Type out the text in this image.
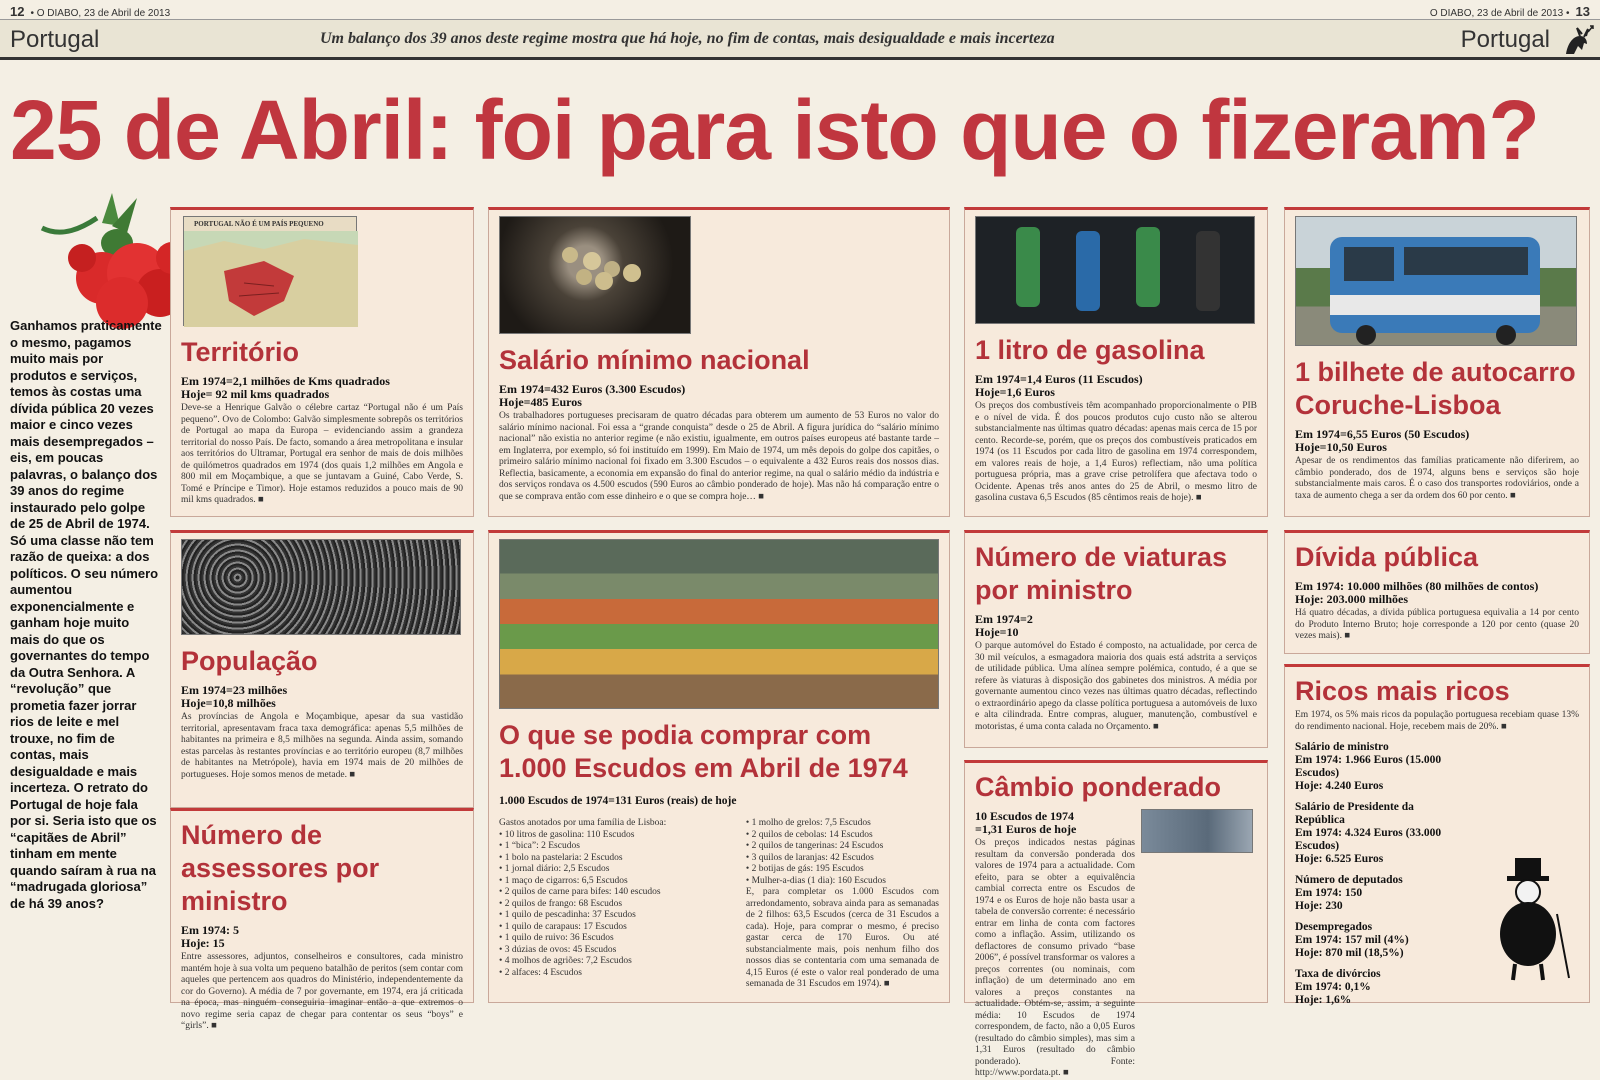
12 • O DIABO, 23 de Abril de 2013	O DIABO, 23 de Abril de 2013 • 13
Portugal	Um balanço dos 39 anos deste regime mostra que há hoje, no fim de contas, mais desigualdade e mais incerteza	Portugal
25 de Abril: foi para isto que o fizeram?
Ganhamos praticamente o mesmo, pagamos muito mais por produtos e serviços, temos às costas uma dívida pública 20 vezes maior e cinco vezes mais desempregados – eis, em poucas palavras, o balanço dos 39 anos do regime instaurado pelo golpe de 25 de Abril de 1974. Só uma classe não tem razão de queixa: a dos políticos. O seu número aumentou exponencialmente e ganham hoje muito mais do que os governantes do tempo da Outra Senhora. A “revolução” que prometia fazer jorrar rios de leite e mel trouxe, no fim de contas, mais desigualdade e mais incerteza. O retrato do Portugal de hoje fala por si. Seria isto que os “capitães de Abril” tinham em mente quando saíram à rua na “madrugada gloriosa” de há 39 anos?
PORTUGAL NÃO É UM PAÍS PEQUENO
Território
Em 1974=2,1 milhões de Kms quadrados
Hoje= 92 mil kms quadrados
Deve-se a Henrique Galvão o célebre cartaz “Portugal não é um País pequeno”. Ovo de Colombo: Galvão simplesmente sobrepôs os territórios de Portugal ao mapa da Europa – evidenciando assim a grandeza territorial do nosso País. De facto, somando a área metropolitana e insular aos territórios do Ultramar, Portugal era senhor de mais de dois milhões de quilómetros quadrados em 1974 (dos quais 1,2 milhões em Angola e 800 mil em Moçambique, a que se juntavam a Guiné, Cabo Verde, S. Tomé e Príncipe e Timor). Hoje estamos reduzidos a pouco mais de 90 mil kms quadrados. ■
População
Em 1974=23 milhões
Hoje=10,8 milhões
As províncias de Angola e Moçambique, apesar da sua vastidão territorial, apresentavam fraca taxa demográfica: apenas 5,5 milhões de habitantes na primeira e 8,5 milhões na segunda. Ainda assim, somando estas parcelas às restantes províncias e ao território europeu (8,7 milhões de habitantes na Metrópole), havia em 1974 mais de 20 milhões de portugueses. Hoje somos menos de metade. ■
Número de assessores por ministro
Em 1974: 5
Hoje: 15
Entre assessores, adjuntos, conselheiros e consultores, cada ministro mantém hoje à sua volta um pequeno batalhão de peritos (sem contar com aqueles que pertencem aos quadros do Ministério, independentemente da cor do Governo). A média de 7 por governante, em 1974, era já criticada na época, mas ninguém conseguiria imaginar então a que extremos o novo regime seria capaz de chegar para contentar os seus “boys” e “girls”. ■
Salário mínimo nacional
Em 1974=432 Euros (3.300 Escudos)
Hoje=485 Euros
Os trabalhadores portugueses precisaram de quatro décadas para obterem um aumento de 53 Euros no valor do salário mínimo nacional. Foi essa a “grande conquista” desde o 25 de Abril. A figura jurídica do “salário mínimo nacional” não existia no anterior regime (e não existiu, igualmente, em outros países europeus até bastante tarde – em Inglaterra, por exemplo, só foi instituído em 1999). Em Maio de 1974, um mês depois do golpe dos capitães, o primeiro salário mínimo nacional foi fixado em 3.300 Escudos – o equivalente a 432 Euros reais dos nossos dias. Reflectia, basicamente, a economia em expansão do final do anterior regime, na qual o salário médio da indústria e dos serviços rondava os 4.500 escudos (590 Euros ao câmbio ponderado de hoje). Mas não há comparação entre o que se comprava então com esse dinheiro e o que se compra hoje… ■
O que se podia comprar com 1.000 Escudos em Abril de 1974
1.000 Escudos de 1974=131 Euros (reais) de hoje
Gastos anotados por uma família de Lisboa:
• 10 litros de gasolina: 110 Escudos
• 1 “bica”: 2 Escudos
• 1 bolo na pastelaria: 2 Escudos
• 1 jornal diário: 2,5 Escudos
• 1 maço de cigarros: 6,5 Escudos
• 2 quilos de carne para bifes: 140 escudos
• 2 quilos de frango: 68 Escudos
• 1 quilo de pescadinha: 37 Escudos
• 1 quilo de carapaus: 17 Escudos
• 1 quilo de ruivo: 36 Escudos
• 3 dúzias de ovos: 45 Escudos
• 4 molhos de agriões: 7,2 Escudos
• 2 alfaces: 4 Escudos
• 1 molho de grelos: 7,5 Escudos
• 2 quilos de cebolas: 14 Escudos
• 2 quilos de tangerinas: 24 Escudos
• 3 quilos de laranjas: 42 Escudos
• 2 botijas de gás: 195 Escudos
• Mulher-a-dias (1 dia): 160 Escudos
E, para completar os 1.000 Escudos com arredondamento, sobrava ainda para as semanadas de 2 filhos: 63,5 Escudos (cerca de 31 Escudos a cada). Hoje, para comprar o mesmo, é preciso gastar cerca de 170 Euros. Ou até substancialmente mais, pois nenhum filho dos nossos dias se contentaria com uma semanada de 4,15 Euros (é este o valor real ponderado de uma semanada de 31 Escudos em 1974). ■
1 litro de gasolina
Em 1974=1,4 Euros (11 Escudos)
Hoje=1,6 Euros
Os preços dos combustíveis têm acompanhado proporcionalmente o PIB e o nível de vida. É dos poucos produtos cujo custo não se alterou substancialmente nas últimas quatro décadas: apenas mais cerca de 15 por cento. Recorde-se, porém, que os preços dos combustíveis praticados em 1974 (os 11 Escudos por cada litro de gasolina em 1974 correspondem, em valores reais de hoje, a 1,4 Euros) reflectiam, não uma política portuguesa própria, mas a grave crise petrolífera que afectava todo o Ocidente. Apenas três anos antes do 25 de Abril, o mesmo litro de gasolina custava 6,5 Escudos (85 cêntimos reais de hoje). ■
Número de viaturas por ministro
Em 1974=2
Hoje=10
O parque automóvel do Estado é composto, na actualidade, por cerca de 30 mil veículos, a esmagadora maioria dos quais está adstrita a serviços de utilidade pública. Uma alínea sempre polémica, contudo, é a que se refere às viaturas à disposição dos gabinetes dos ministros. A média por governante aumentou cinco vezes nas últimas quatro décadas, reflectindo o extraordinário apego da classe política portuguesa a automóveis de luxo e alta cilindrada. Entre compras, aluguer, manutenção, combustível e motoristas, é uma conta calada no Orçamento. ■
Câmbio ponderado
10 Escudos de 1974
=1,31 Euros de hoje
Os preços indicados nestas páginas resultam da conversão ponderada dos valores de 1974 para a actualidade. Com efeito, para se obter a equivalência cambial correcta entre os Escudos de 1974 e os Euros de hoje não basta usar a tabela de conversão corrente: é necessário entrar em linha de conta com factores como a inflação. Assim, utilizando os deflactores de consumo privado “base 2006”, é possível transformar os valores a preços correntes (ou nominais, com inflação) de um determinado ano em valores a preços constantes na actualidade. Obtém-se, assim, a seguinte média: 10 Escudos de 1974 correspondem, de facto, não a 0,05 Euros (resultado do câmbio simples), mas sim a 1,31 Euros (resultado do câmbio ponderado). Fonte: http://www.pordata.pt. ■
1 bilhete de autocarro Coruche-Lisboa
Em 1974=6,55 Euros (50 Escudos)
Hoje=10,50 Euros
Apesar de os rendimentos das famílias praticamente não diferirem, ao câmbio ponderado, dos de 1974, alguns bens e serviços são hoje substancialmente mais caros. É o caso dos transportes rodoviários, onde a taxa de aumento chega a ser da ordem dos 60 por cento. ■
Dívida pública
Em 1974: 10.000 milhões (80 milhões de contos)
Hoje: 203.000 milhões
Há quatro décadas, a dívida pública portuguesa equivalia a 14 por cento do Produto Interno Bruto; hoje corresponde a 120 por cento (quase 20 vezes mais). ■
Ricos mais ricos
Em 1974, os 5% mais ricos da população portuguesa recebiam quase 13% do rendimento nacional. Hoje, recebem mais de 20%. ■
Salário de ministro
Em 1974: 1.966 Euros (15.000 Escudos)
Hoje: 4.240 Euros
Salário de Presidente da República
Em 1974: 4.324 Euros (33.000 Escudos)
Hoje: 6.525 Euros
Número de deputados
Em 1974: 150
Hoje: 230
Desempregados
Em 1974: 157 mil (4%)
Hoje: 870 mil (18,5%)
Taxa de divórcios
Em 1974: 0,1%
Hoje: 1,6%
